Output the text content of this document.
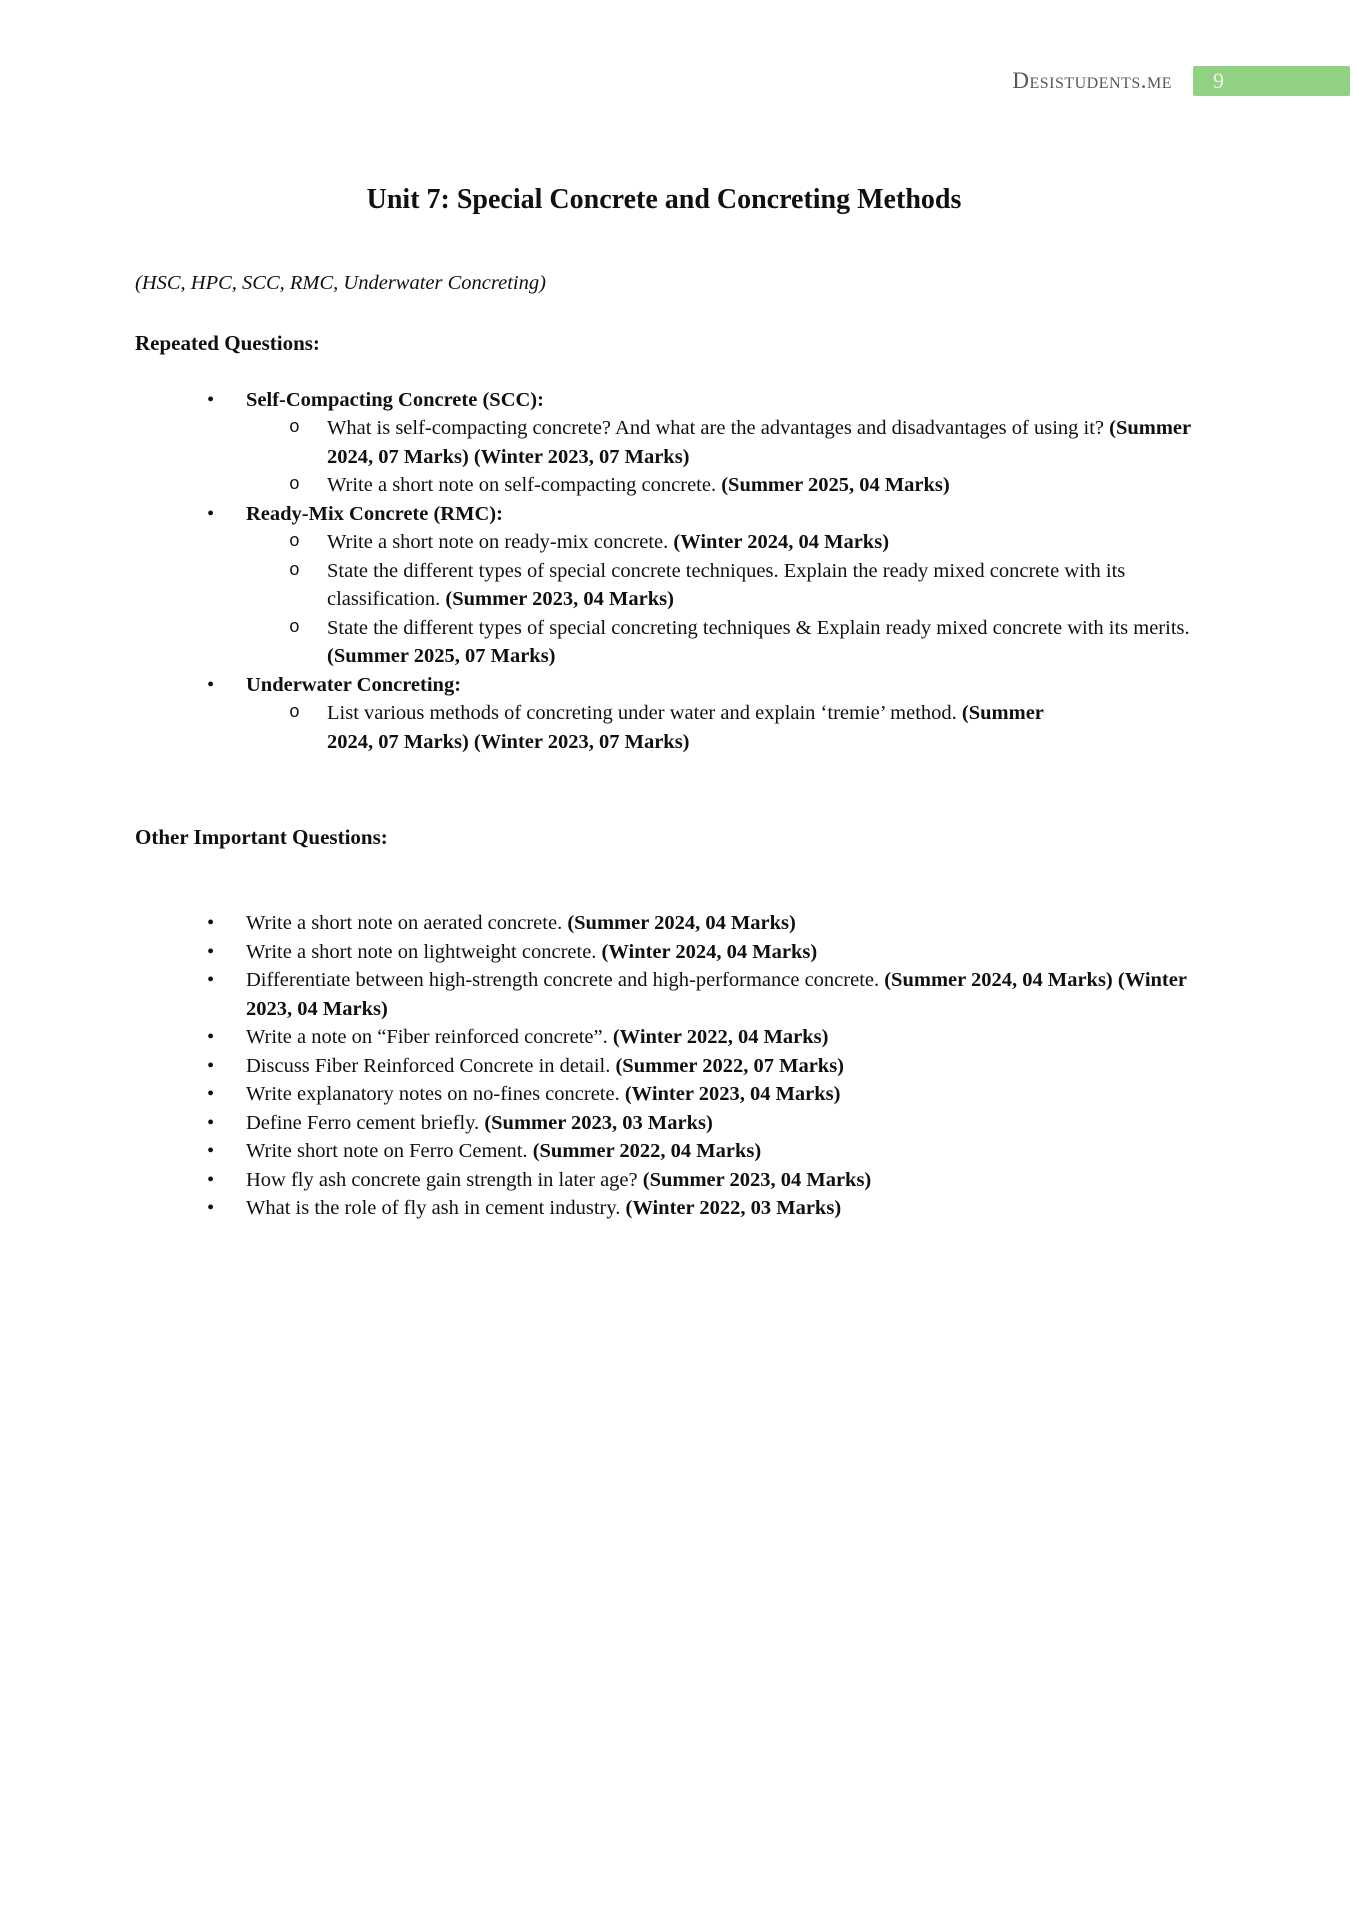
Desistudents.me 9
Unit 7: Special Concrete and Concreting Methods
(HSC, HPC, SCC, RMC, Underwater Concreting)
Repeated Questions:
• Self-Compacting Concrete (SCC):
o What is self-compacting concrete? And what are the advantages and disadvantages of using it? (Summer 2024, 07 Marks) (Winter 2023, 07 Marks)
o Write a short note on self-compacting concrete. (Summer 2025, 04 Marks)
• Ready-Mix Concrete (RMC):
o Write a short note on ready-mix concrete. (Winter 2024, 04 Marks)
o State the different types of special concrete techniques. Explain the ready mixed concrete with its classification. (Summer 2023, 04 Marks)
o State the different types of special concreting techniques & Explain ready mixed concrete with its merits. (Summer 2025, 07 Marks)
• Underwater Concreting:
o List various methods of concreting under water and explain ‘tremie’ method. (Summer 2024, 07 Marks) (Winter 2023, 07 Marks)
Other Important Questions:
• Write a short note on aerated concrete. (Summer 2024, 04 Marks)
• Write a short note on lightweight concrete. (Winter 2024, 04 Marks)
• Differentiate between high-strength concrete and high-performance concrete. (Summer 2024, 04 Marks) (Winter 2023, 04 Marks)
• Write a note on “Fiber reinforced concrete”. (Winter 2022, 04 Marks)
• Discuss Fiber Reinforced Concrete in detail. (Summer 2022, 07 Marks)
• Write explanatory notes on no-fines concrete. (Winter 2023, 04 Marks)
• Define Ferro cement briefly. (Summer 2023, 03 Marks)
• Write short note on Ferro Cement. (Summer 2022, 04 Marks)
• How fly ash concrete gain strength in later age? (Summer 2023, 04 Marks)
• What is the role of fly ash in cement industry. (Winter 2022, 03 Marks)
